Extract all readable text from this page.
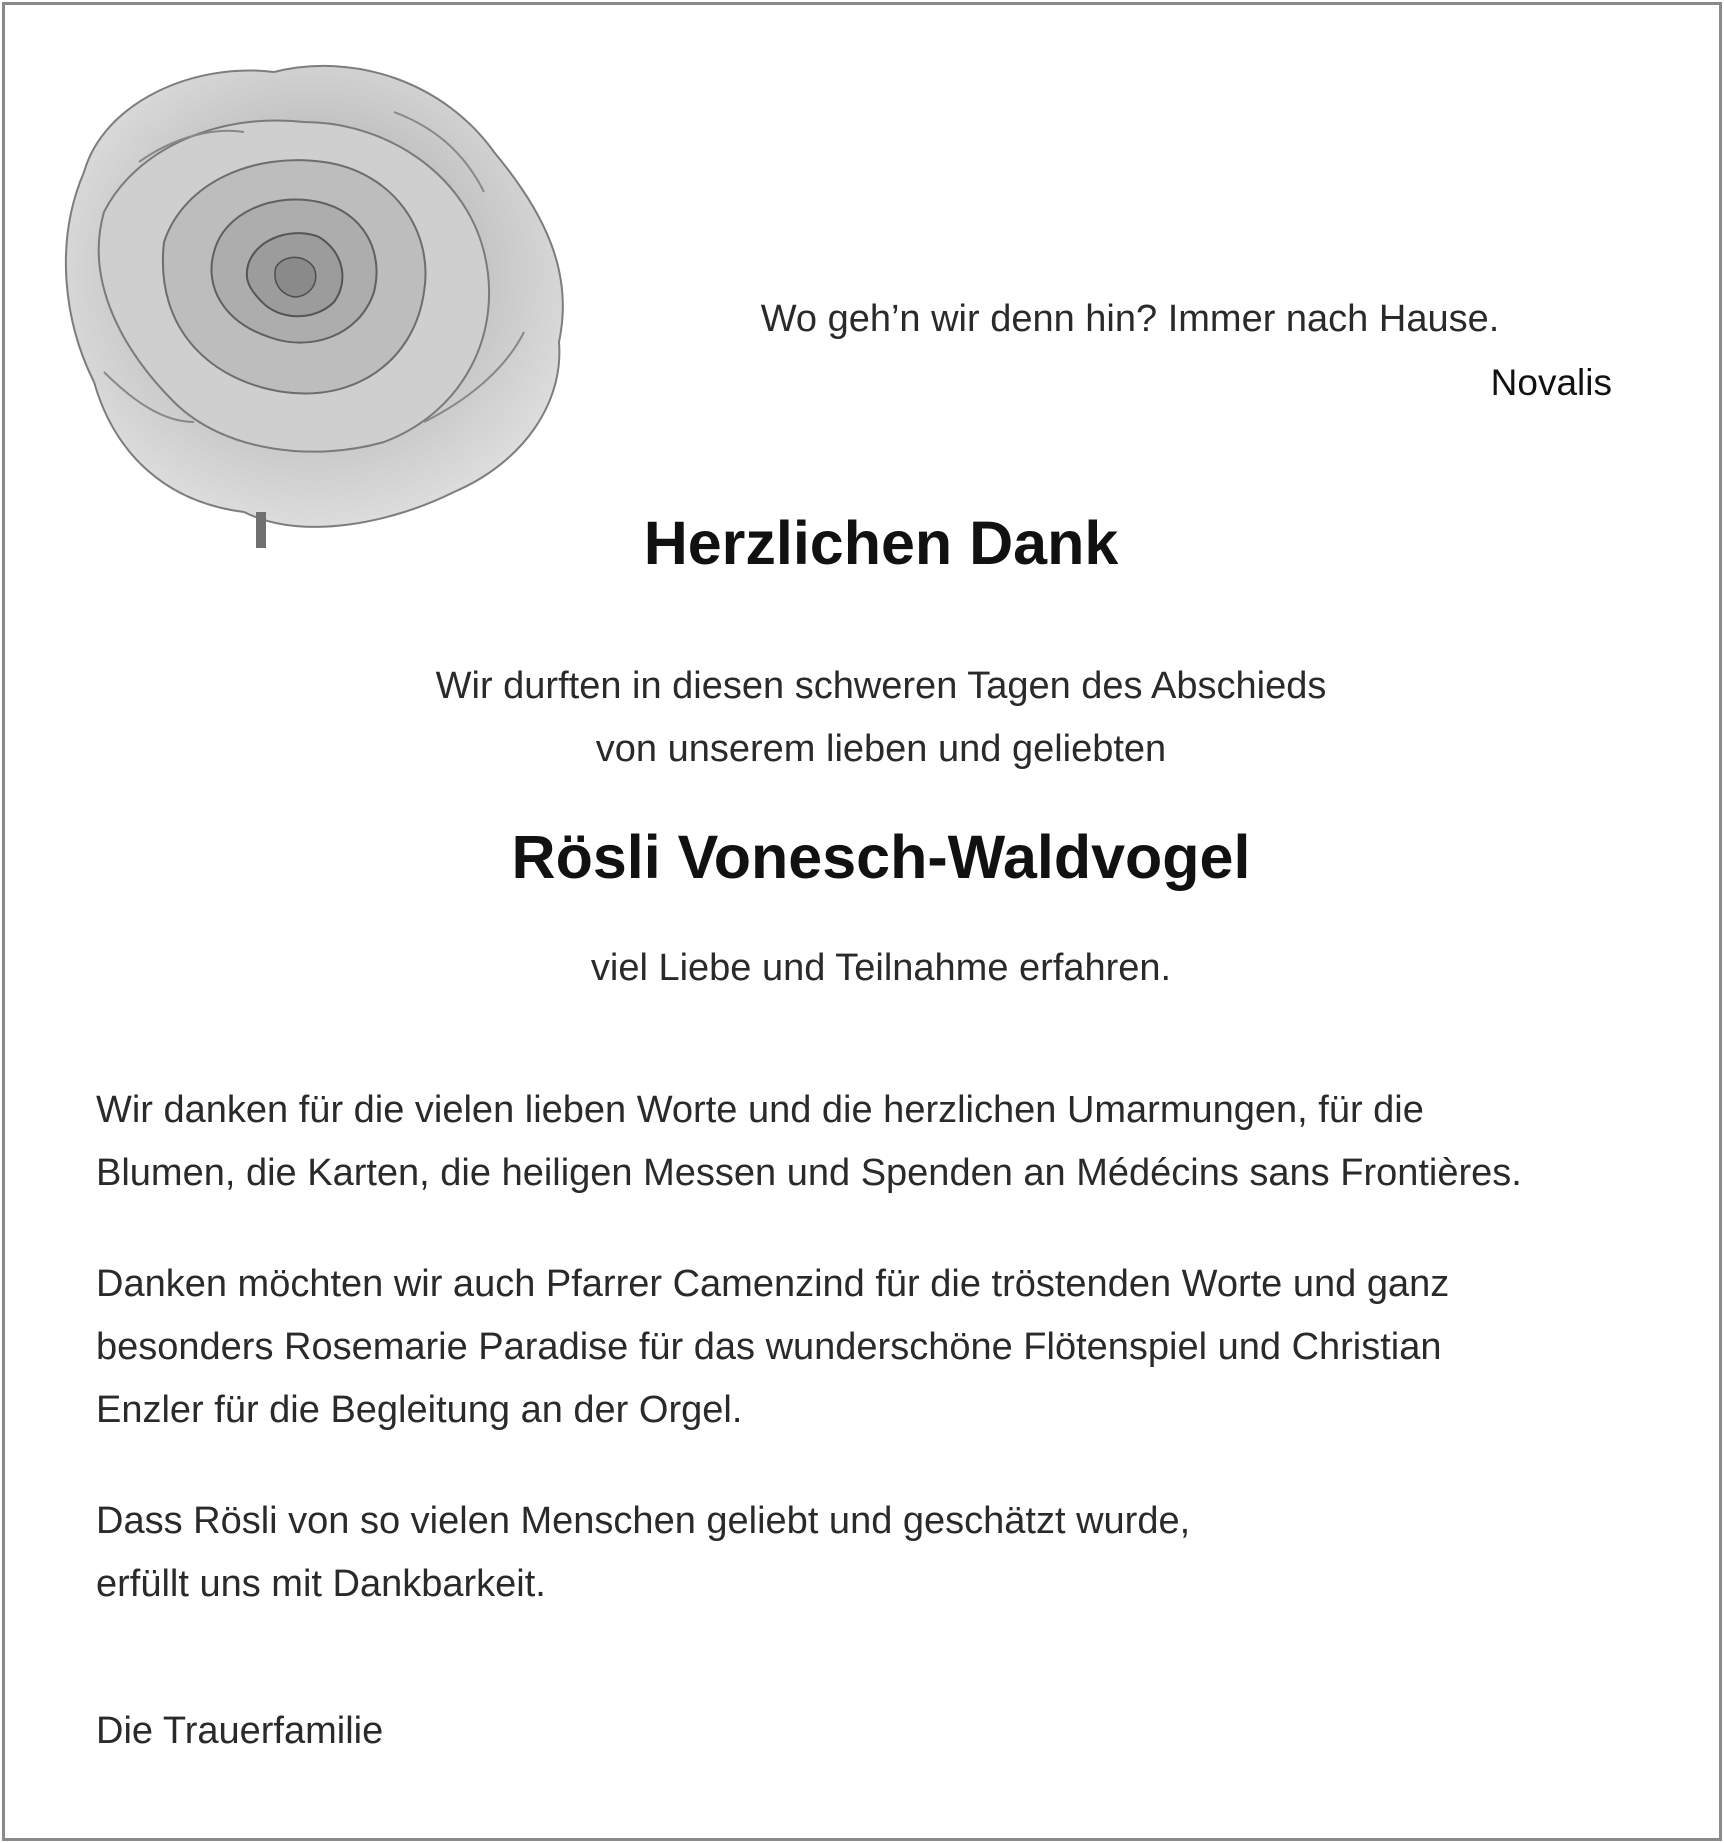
Wo geh’n wir denn hin? Immer nach Hause.
Novalis
Herzlichen Dank
Wir durften in diesen schweren Tagen des Abschieds
von unserem lieben und geliebten
Rösli Vonesch-Waldvogel
viel Liebe und Teilnahme erfahren.
Wir danken für die vielen lieben Worte und die herzlichen Umarmungen, für die
Blumen, die Karten, die heiligen Messen und Spenden an Médécins sans Frontières.
Danken möchten wir auch Pfarrer Camenzind für die tröstenden Worte und ganz
besonders Rosemarie Paradise für das wunderschöne Flötenspiel und Christian
Enzler für die Begleitung an der Orgel.
Dass Rösli von so vielen Menschen geliebt und geschätzt wurde,
erfüllt uns mit Dankbarkeit.
Die Trauerfamilie
